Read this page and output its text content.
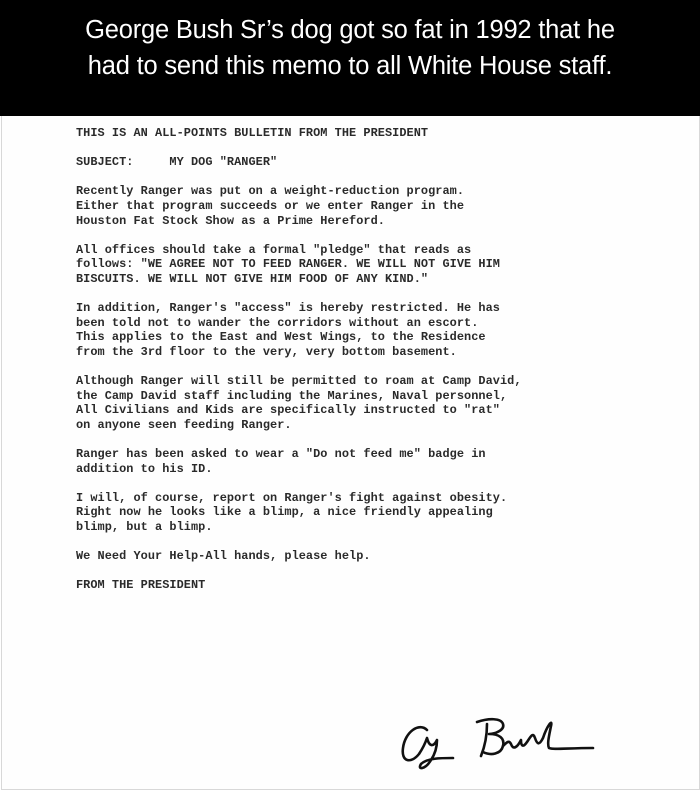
George Bush Sr’s dog got so fat in 1992 that he
had to send this memo to all White House staff.
THIS IS AN ALL-POINTS BULLETIN FROM THE PRESIDENT
SUBJECT:	MY DOG "RANGER"
Recently Ranger was put on a weight-reduction program.
Either that program succeeds or we enter Ranger in the
Houston Fat Stock Show as a Prime Hereford.
All offices should take a formal "pledge" that reads as
follows: "WE AGREE NOT TO FEED RANGER. WE WILL NOT GIVE HIM
BISCUITS. WE WILL NOT GIVE HIM FOOD OF ANY KIND."
In addition, Ranger's "access" is hereby restricted. He has
been told not to wander the corridors without an escort.
This applies to the East and West Wings, to the Residence
from the 3rd floor to the very, very bottom basement.
Although Ranger will still be permitted to roam at Camp David,
the Camp David staff including the Marines, Naval personnel,
All Civilians and Kids are specifically instructed to "rat"
on anyone seen feeding Ranger.
Ranger has been asked to wear a "Do not feed me" badge in
addition to his ID.
I will, of course, report on Ranger's fight against obesity.
Right now he looks like a blimp, a nice friendly appealing
blimp, but a blimp.
We Need Your Help-All hands, please help.
FROM THE PRESIDENT
